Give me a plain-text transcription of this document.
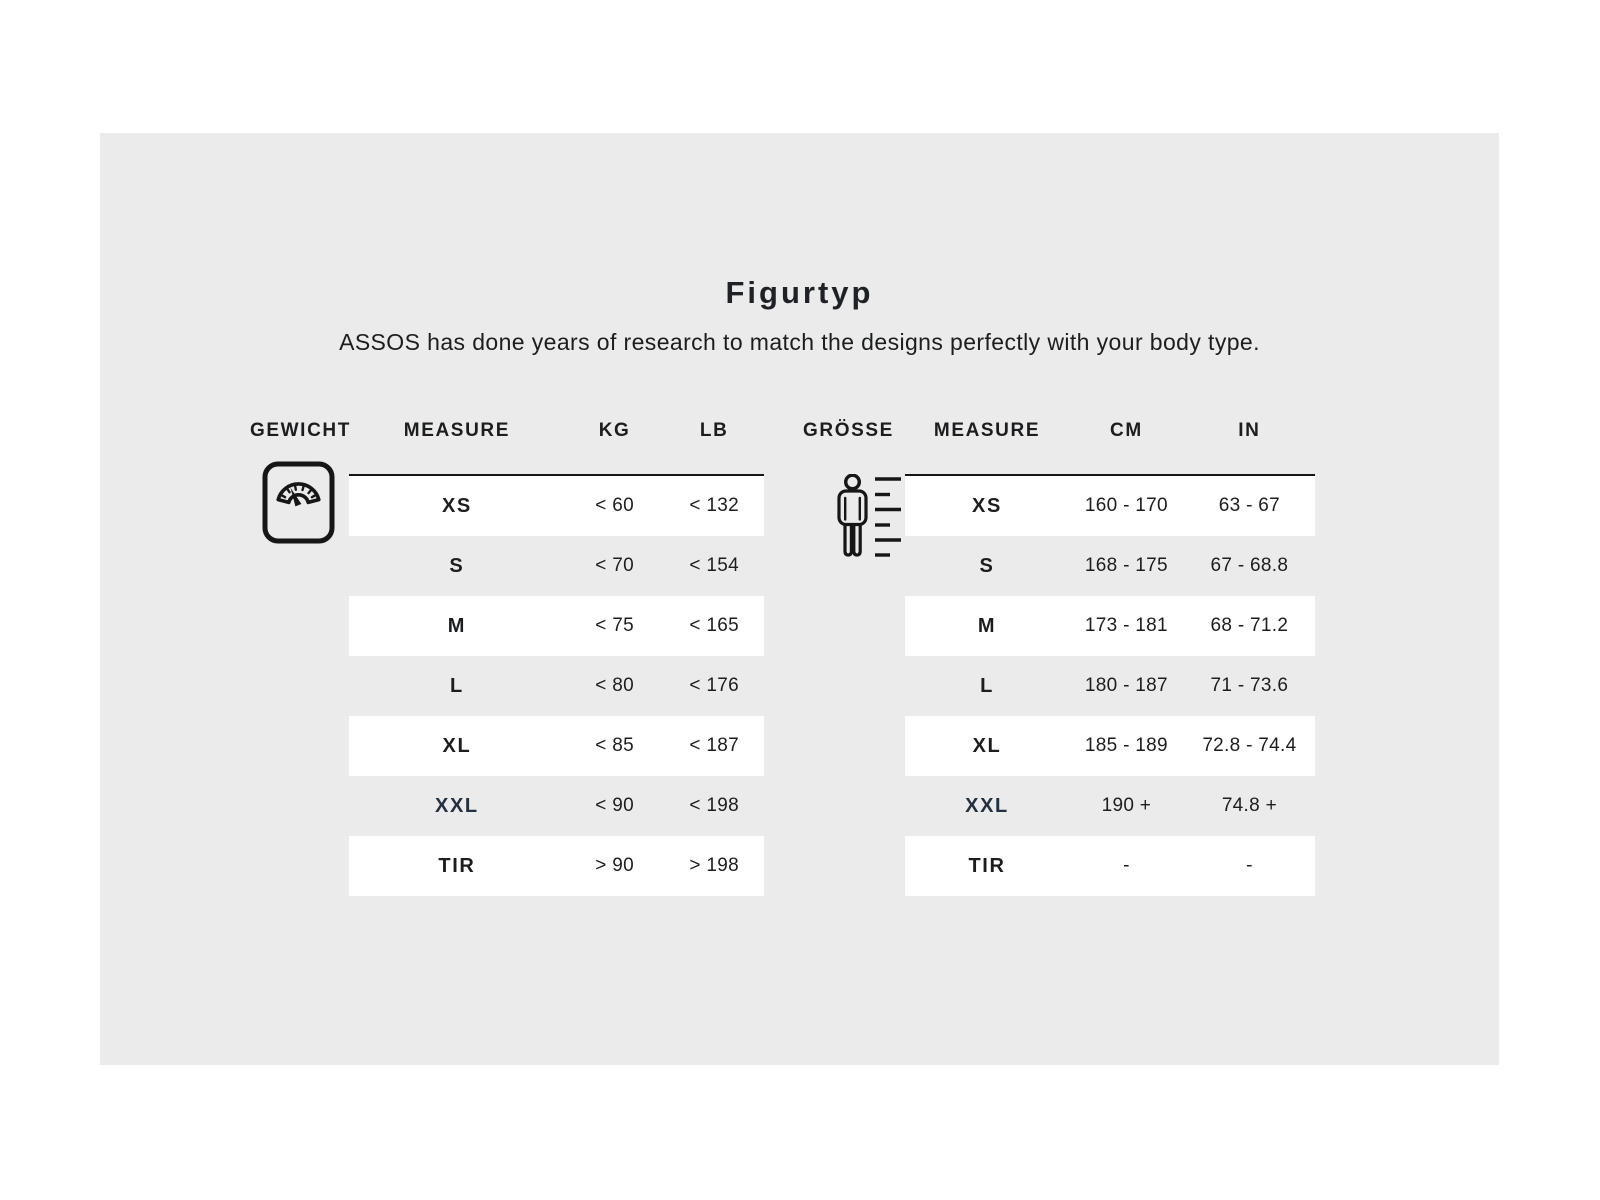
Figurtyp

ASSOS has done years of research to match the designs perfectly with your body type.

GEWICHT	MEASURE	KG	LB
XS	< 60	< 132
S	< 70	< 154
M	< 75	< 165
L	< 80	< 176
XL	< 85	< 187
XXL	< 90	< 198
TIR	> 90	> 198
GRÖSSE	MEASURE	CM	IN
XS	160 - 170	63 - 67
S	168 - 175	67 - 68.8
M	173 - 181	68 - 71.2
L	180 - 187	71 - 73.6
XL	185 - 189	72.8 - 74.4
XXL	190 +	74.8 +
TIR	-	-
